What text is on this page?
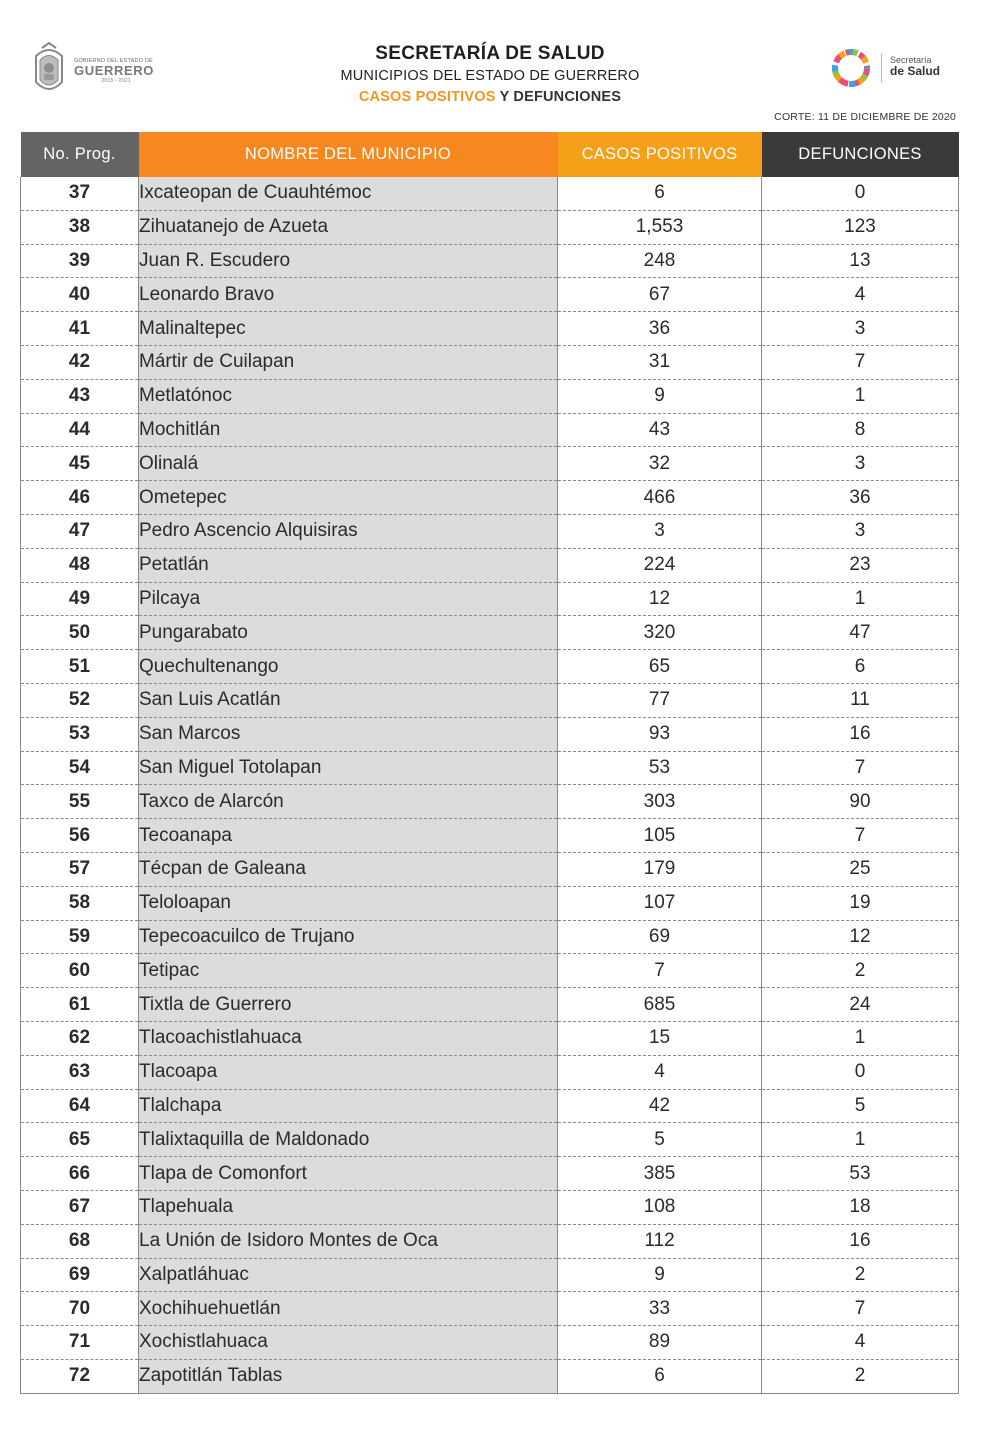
GOBIERNO DEL ESTADO DE
GUERRERO
2015 - 2021
SECRETARÍA DE SALUD
MUNICIPIOS DEL ESTADO DE GUERRERO
CASOS POSITIVOS Y DEFUNCIONES
Secretaría
de Salud
CORTE: 11 DE DICIEMBRE DE 2020
No. Prog.	NOMBRE DEL MUNICIPIO	CASOS POSITIVOS	DEFUNCIONES
37	Ixcateopan de Cuauhtémoc	6	0
38	Zihuatanejo de Azueta	1,553	123
39	Juan R. Escudero	248	13
40	Leonardo Bravo	67	4
41	Malinaltepec	36	3
42	Mártir de Cuilapan	31	7
43	Metlatónoc	9	1
44	Mochitlán	43	8
45	Olinalá	32	3
46	Ometepec	466	36
47	Pedro Ascencio Alquisiras	3	3
48	Petatlán	224	23
49	Pilcaya	12	1
50	Pungarabato	320	47
51	Quechultenango	65	6
52	San Luis Acatlán	77	11
53	San Marcos	93	16
54	San Miguel Totolapan	53	7
55	Taxco de Alarcón	303	90
56	Tecoanapa	105	7
57	Técpan de Galeana	179	25
58	Teloloapan	107	19
59	Tepecoacuilco de Trujano	69	12
60	Tetipac	7	2
61	Tixtla de Guerrero	685	24
62	Tlacoachistlahuaca	15	1
63	Tlacoapa	4	0
64	Tlalchapa	42	5
65	Tlalixtaquilla de Maldonado	5	1
66	Tlapa de Comonfort	385	53
67	Tlapehuala	108	18
68	La Unión de Isidoro Montes de Oca	112	16
69	Xalpatláhuac	9	2
70	Xochihuehuetlán	33	7
71	Xochistlahuaca	89	4
72	Zapotitlán Tablas	6	2
